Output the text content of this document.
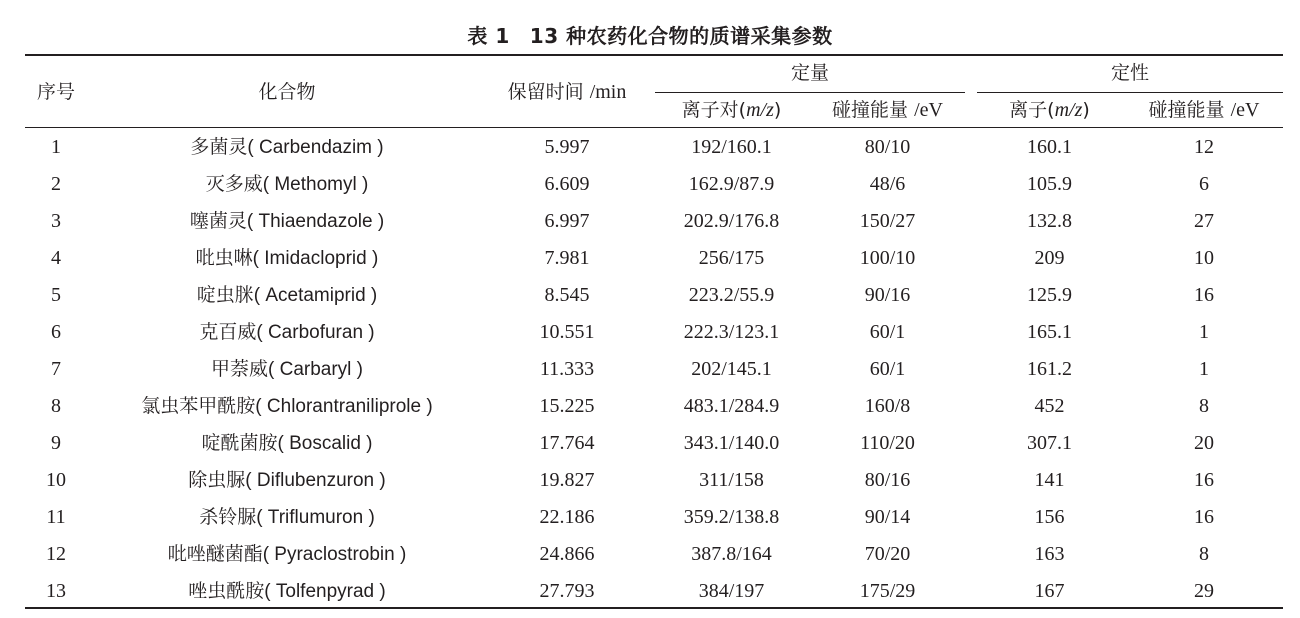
表 1 13 种农药化合物的质谱采集参数
序号	化合物	保留时间 /min
定量	定性
离子对(m/z)	碰撞能量 /eV	离子(m/z)	碰撞能量 /eV
1	多菌灵( Carbendazim )	5.997	192/160.1	80/10	160.1	12
2	灭多威( Methomyl )	6.609	162.9/87.9	48/6	105.9	6
3	噻菌灵( Thiaendazole )	6.997	202.9/176.8	150/27	132.8	27
4	吡虫啉( Imidacloprid )	7.981	256/175	100/10	209	10
5	啶虫脒( Acetamiprid )	8.545	223.2/55.9	90/16	125.9	16
6	克百威( Carbofuran )	10.551	222.3/123.1	60/1	165.1	1
7	甲萘威( Carbaryl )	11.333	202/145.1	60/1	161.2	1
8	氯虫苯甲酰胺( Chlorantraniliprole )	15.225	483.1/284.9	160/8	452	8
9	啶酰菌胺( Boscalid )	17.764	343.1/140.0	110/20	307.1	20
10	除虫脲( Diflubenzuron )	19.827	311/158	80/16	141	16
11	杀铃脲( Triflumuron )	22.186	359.2/138.8	90/14	156	16
12	吡唑醚菌酯( Pyraclostrobin )	24.866	387.8/164	70/20	163	8
13	唑虫酰胺( Tolfenpyrad )	27.793	384/197	175/29	167	29
